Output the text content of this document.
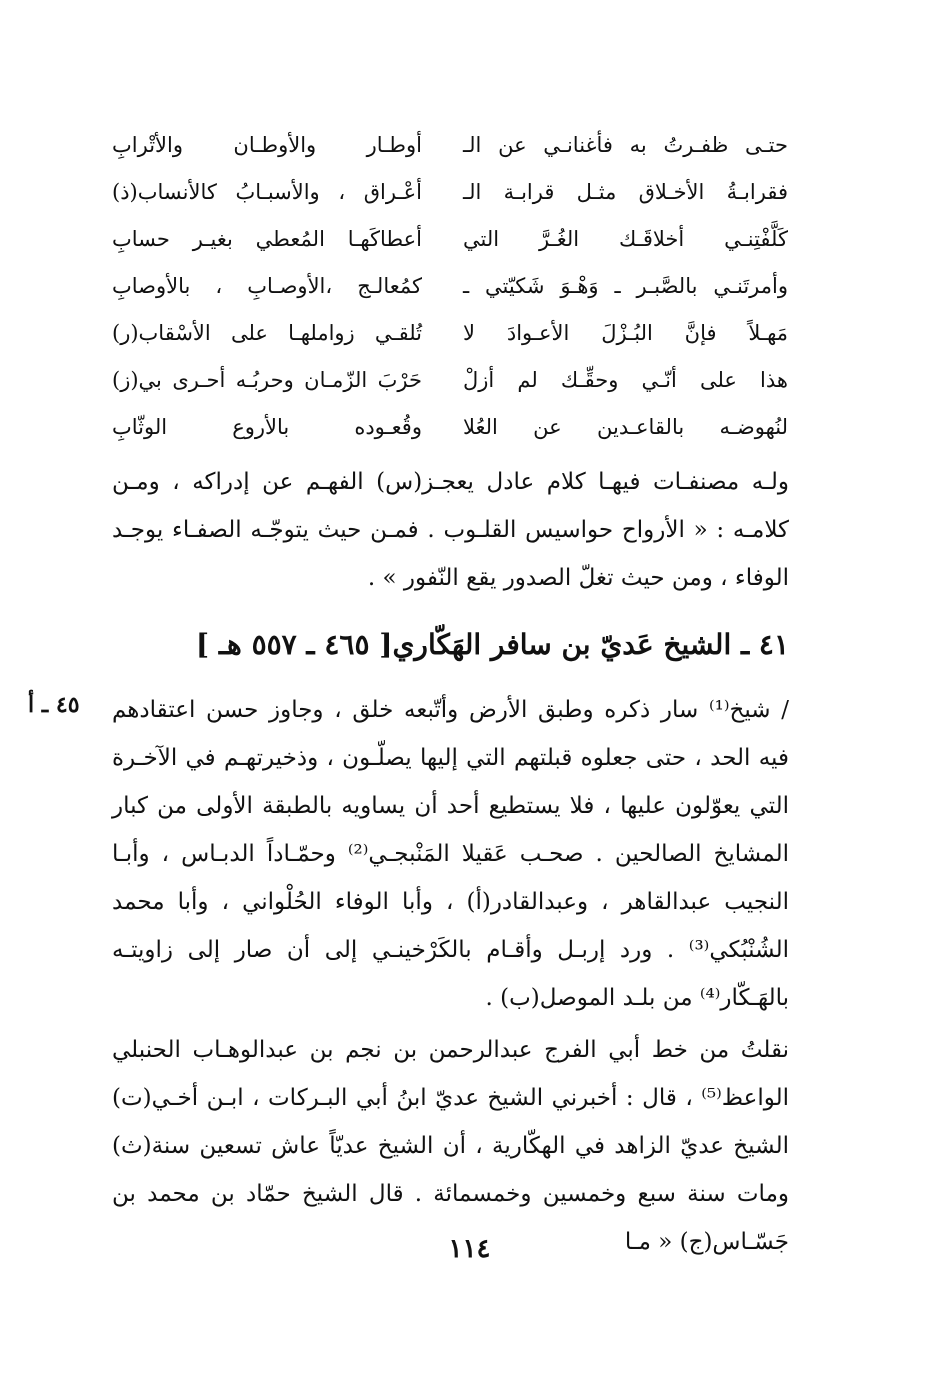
حتـى ظفـرتُ به فأغنانـي عن الـ
أوطـار والأوطـان والأتْرابِ
فقرابـةُ الأخـلاق مثـل قرابـة الـ
أعْـراق ، والأسبـابُ كالأنساب(ذ)
كَلَّفْتِنـي أخلاقَـك الغُـرَّ التي
أعطاكَهـا المُعطي بغيـر حسابِ
وأمرتَنـي بالصَّبـر ـ وَهْـوَ شَكيّتي ـ
كمُعالـج ،الأوصـابِ ، بالأوصابِ
مَهـلاً فإنَّ البُـزْلَ الأعـوادَ لا
تُلقـي زواملهـا على الأسْقاب(ر)
هذا على أنّـي وحقِّـك لم أزلْ
حَرْبَ الزّمـان وحربُـه أحـرى بي(ز)
لنُهوضـه بالقاعـدين عن العُلا
وقُعـوده بالأروع الوثّابِ

ولـه مصنفـات فيهـا كلام عادل يعجـز(س) الفهـم عن إدراكه ، ومـن كلامـه : « الأرواح حواسيس القلـوب . فمـن حيث يتوجّـه الصفـاء يوجـد الوفاء ، ومن حيث تغلّ الصدور يقع النّفور » .

٤١ ـ الشيخ عَديّ بن سافر الهَكّاري[ ٤٦٥ ـ ٥٥٧ هـ ]
٤٥ ـ أ / شيخ⁽¹⁾ سار ذكره وطبق الأرض وأتّبعه خلق ، وجاوز حسن اعتقادهم فيه الحد ، حتى جعلوه قبلتهم التي إليها يصلّـون ، وذخيرتهـم في الآخـرة التي يعوّلون عليها ، فلا يستطيع أحد أن يساويه بالطبقة الأولى من كبار المشايخ الصالحين . صحـب عَقيلا المَنْبجـي⁽²⁾ وحمّـاداً الدبـاس ، وأبـا النجيب عبدالقاهر ، وعبدالقادر(أ) ، وأبا الوفاء الحُلْواني ، وأبا محمد الشُنْبُكي⁽³⁾ . ورد إربـل وأقـام بالكَرْخينـي إلى أن صار إلى زاويتـه بالهَـكّار⁽⁴⁾ من بلـد الموصل(ب) .

نقلتُ من خط أبي الفرج عبدالرحمن بن نجم بن عبدالوهـاب الحنبلي الواعظ⁽⁵⁾ ، قال : أخبرني الشيخ عديّ ابنُ أبي البـركات ، ابـن أخـي(ت) الشيخ عديّ الزاهد في الهكّارية ، أن الشيخ عديّاً عاش تسعين سنة(ث) ومات سنة سبع وخمسين وخمسمائة . قال الشيخ حمّاد بن محمد بن جَسّـاس(ج) « مـا

١١٤
